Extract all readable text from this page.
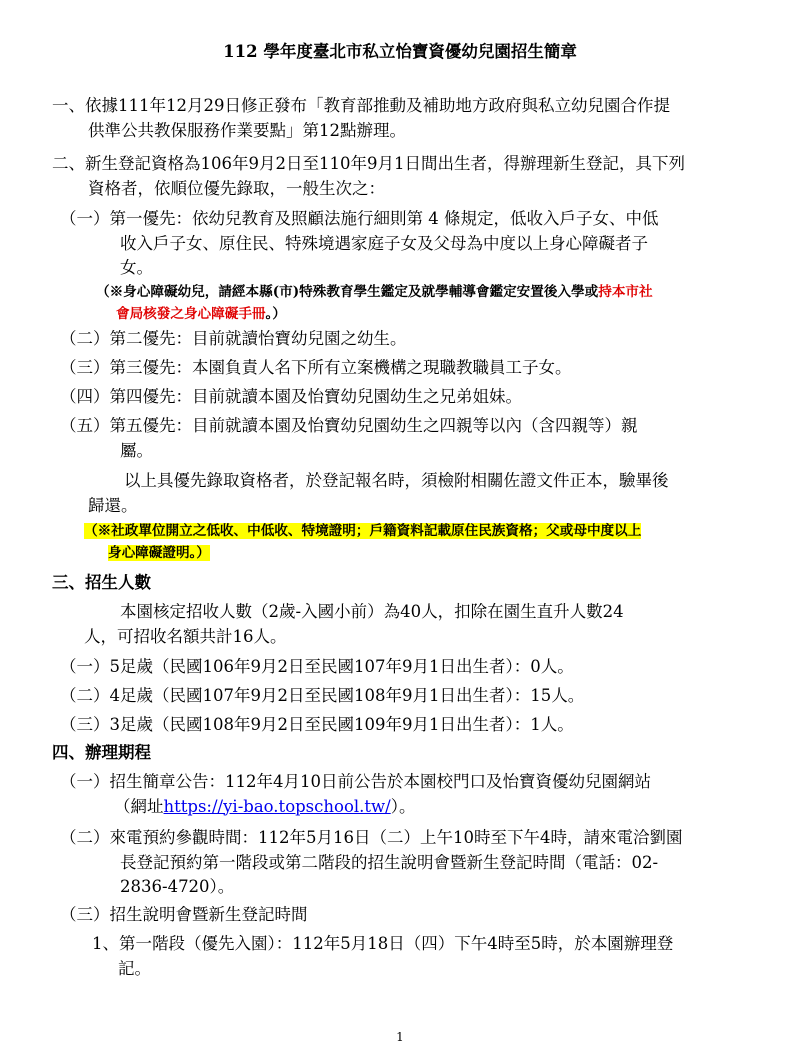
112 學年度臺北市私立怡寶資優幼兒園招生簡章
一、依據111年12月29日修正發布「教育部推動及補助地方政府與私立幼兒園合作提
供準公共教保服務作業要點」第12點辦理。
二、新生登記資格為106年9月2日至110年9月1日間出生者，得辦理新生登記，具下列
資格者，依順位優先錄取，一般生次之：
（一）第一優先：依幼兒教育及照顧法施行細則第 4 條規定，低收入戶子女、中低
收入戶子女、原住民、特殊境遇家庭子女及父母為中度以上身心障礙者子
女。
（※身心障礙幼兒，請經本縣(市)特殊教育學生鑑定及就學輔導會鑑定安置後入學或持本市社
會局核發之身心障礙手冊。）
（二）第二優先：目前就讀怡寶幼兒園之幼生。
（三）第三優先：本園負責人名下所有立案機構之現職教職員工子女。
（四）第四優先：目前就讀本園及怡寶幼兒園幼生之兄弟姐妹。
（五）第五優先：目前就讀本園及怡寶幼兒園幼生之四親等以內（含四親等）親
屬。
以上具優先錄取資格者，於登記報名時，須檢附相關佐證文件正本，驗畢後
歸還。
（※社政單位開立之低收、中低收、特境證明；戶籍資料記載原住民族資格；父或母中度以上
身心障礙證明。）
三、招生人數
本園核定招收人數（2歲-入國小前）為40人，扣除在園生直升人數24
人，可招收名額共計16人。
（一）5足歲（民國106年9月2日至民國107年9月1日出生者）：0人。
（二）4足歲（民國107年9月2日至民國108年9月1日出生者）：15人。
（三）3足歲（民國108年9月2日至民國109年9月1日出生者）：1人。
四、辦理期程
（一）招生簡章公告：112年4月10日前公告於本園校門口及怡寶資優幼兒園網站
（網址https://yi-bao.topschool.tw/）。
（二）來電預約參觀時間：112年5月16日（二）上午10時至下午4時，請來電洽劉園
長登記預約第一階段或第二階段的招生說明會暨新生登記時間（電話：02-
2836-4720）。
（三）招生說明會暨新生登記時間
1、第一階段（優先入園）：112年5月18日（四）下午4時至5時，於本園辦理登
記。
1
